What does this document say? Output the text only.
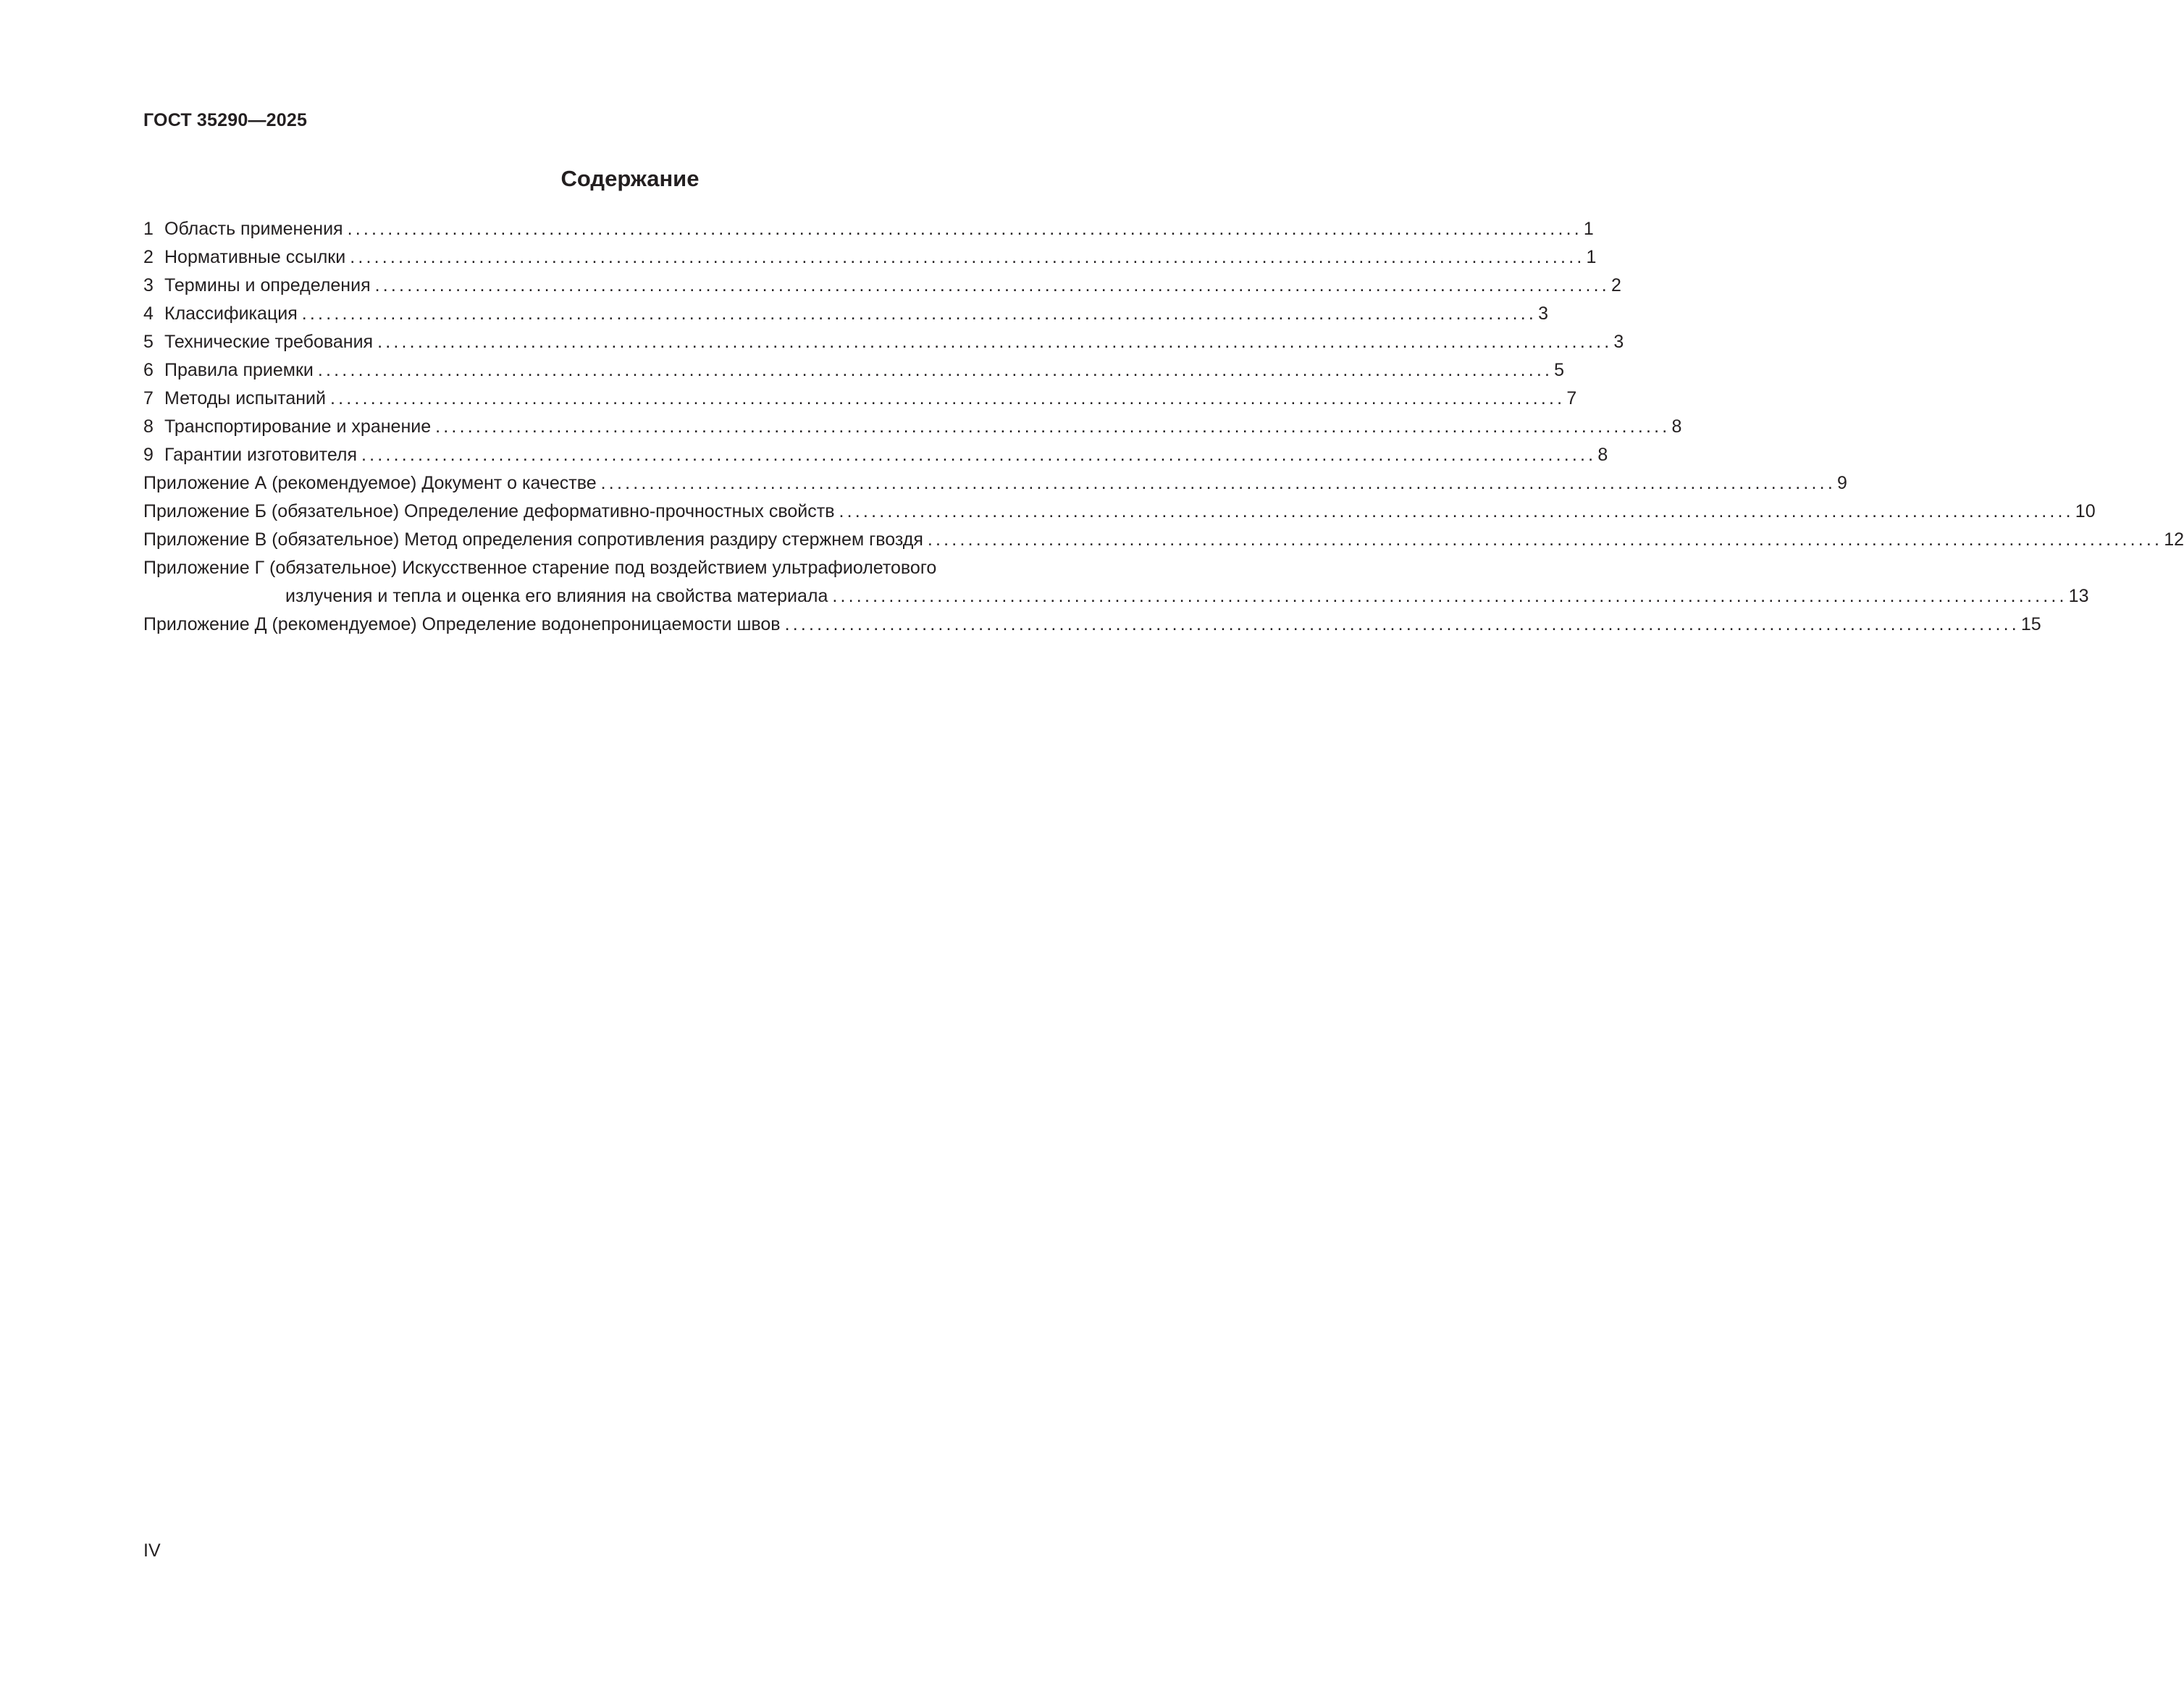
ГОСТ 35290—2025
Содержание
1 Область применения ......................................................................................................................................................... 1
2 Нормативные ссылки ......................................................................................................................................................... 1
3 Термины и определения ......................................................................................................................................................... 2
4 Классификация ......................................................................................................................................................... 3
5 Технические требования ......................................................................................................................................................... 3
6 Правила приемки ......................................................................................................................................................... 5
7 Методы испытаний ......................................................................................................................................................... 7
8 Транспортирование и хранение ......................................................................................................................................................... 8
9 Гарантии изготовителя ......................................................................................................................................................... 8
Приложение А (рекомендуемое) Документ о качестве ......................................................................................................................................................... 9
Приложение Б (обязательное) Определение деформативно-прочностных свойств ......................................................................................................................................................... 10
Приложение В (обязательное) Метод определения сопротивления раздиру стержнем гвоздя ......................................................................................................................................................... 12
Приложение Г (обязательное) Искусственное старение под воздействием ультрафиолетового
излучения и тепла и оценка его влияния на свойства материала ......................................................................................................................................................... 13
Приложение Д (рекомендуемое) Определение водонепроницаемости швов ......................................................................................................................................................... 15
IV
